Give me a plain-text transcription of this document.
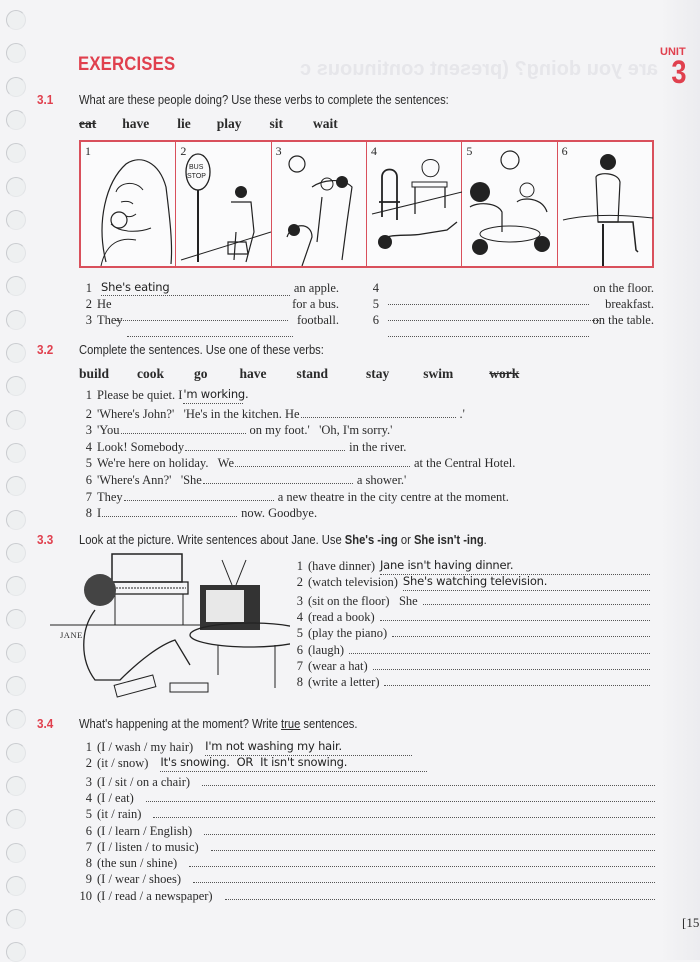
are you doing? (present continuous c
EXERCISES
UNIT
3
3.1 What are these people doing? Use these verbs to complete the sentences:
eat have lie play sit wait
1	2
BUS
STOP
3	4	5	6
1 She's eating	an apple.
2 He	for a bus.
3 They	football.
4	on the floor.
5	breakfast.
6	on the table.
3.2 Complete the sentences. Use one of these verbs:
build cook go have stand	stay	swim	work
1 Please be quiet. I 'm working.
2 'Where's John?'   'He's in the kitchen. He	.'
3 'You	on my foot.'   'Oh, I'm sorry.'
4 Look! Somebody	in the river.
5 We're here on holiday.   We	at the Central Hotel.
6 'Where's Ann?'   'She	a shower.'
7 They	a new theatre in the city centre at the moment.
8 I	now. Goodbye.
3.3 Look at the picture. Write sentences about Jane. Use She's -ing or She isn't -ing.
JANE
1 (have dinner) Jane isn't having dinner.
2 (watch television) She's watching television.
3 (sit on the floor)   She
4 (read a book)
5 (play the piano)
6 (laugh)
7 (wear a hat)
8 (write a letter)
3.4 What's happening at the moment? Write true sentences.
1 (I / wash / my hair) I'm not washing my hair.
2 (it / snow) It's snowing.  OR  It isn't snowing.
3 (I / sit / on a chair)
4 (I / eat)
5 (it / rain)
6 (I / learn / English)
7 (I / listen / to music)
8 (the sun / shine)
9 (I / wear / shoes)
10 (I / read / a newspaper)
[15
